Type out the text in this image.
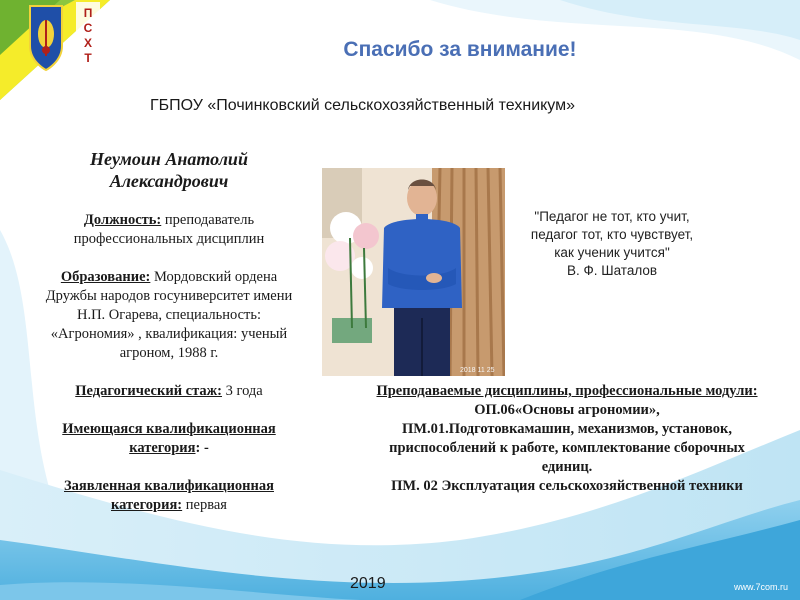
П
С
Х
Т	Спасибо за внимание!
ГБПОУ «Починковский сельскохозяйственный техникум»
Неумоин Анатолий
Александрович
Должность: преподаватель профессиональных дисциплин
Образование: Мордовский ордена Дружбы народов госуниверситет имени Н.П. Огарева, специальность: «Агрономия» , квалификация: ученый агроном, 1988 г.
Педагогический стаж: 3 года
Имеющаяся квалификационная категория: -
Заявленная квалификационная категория: первая
2018 11 25
"Педагог не тот, кто учит, педагог тот, кто чувствует, как ученик учится"
В. Ф. Шаталов
Преподаваемые дисциплины, профессиональные модули:
ОП.06«Основы агрономии»,
ПМ.01.Подготовкамашин, механизмов, установок, приспособлений к работе, комплектование сборочных единиц.
ПМ. 02 Эксплуатация сельскохозяйственной техники
2019	www.7com.ru
